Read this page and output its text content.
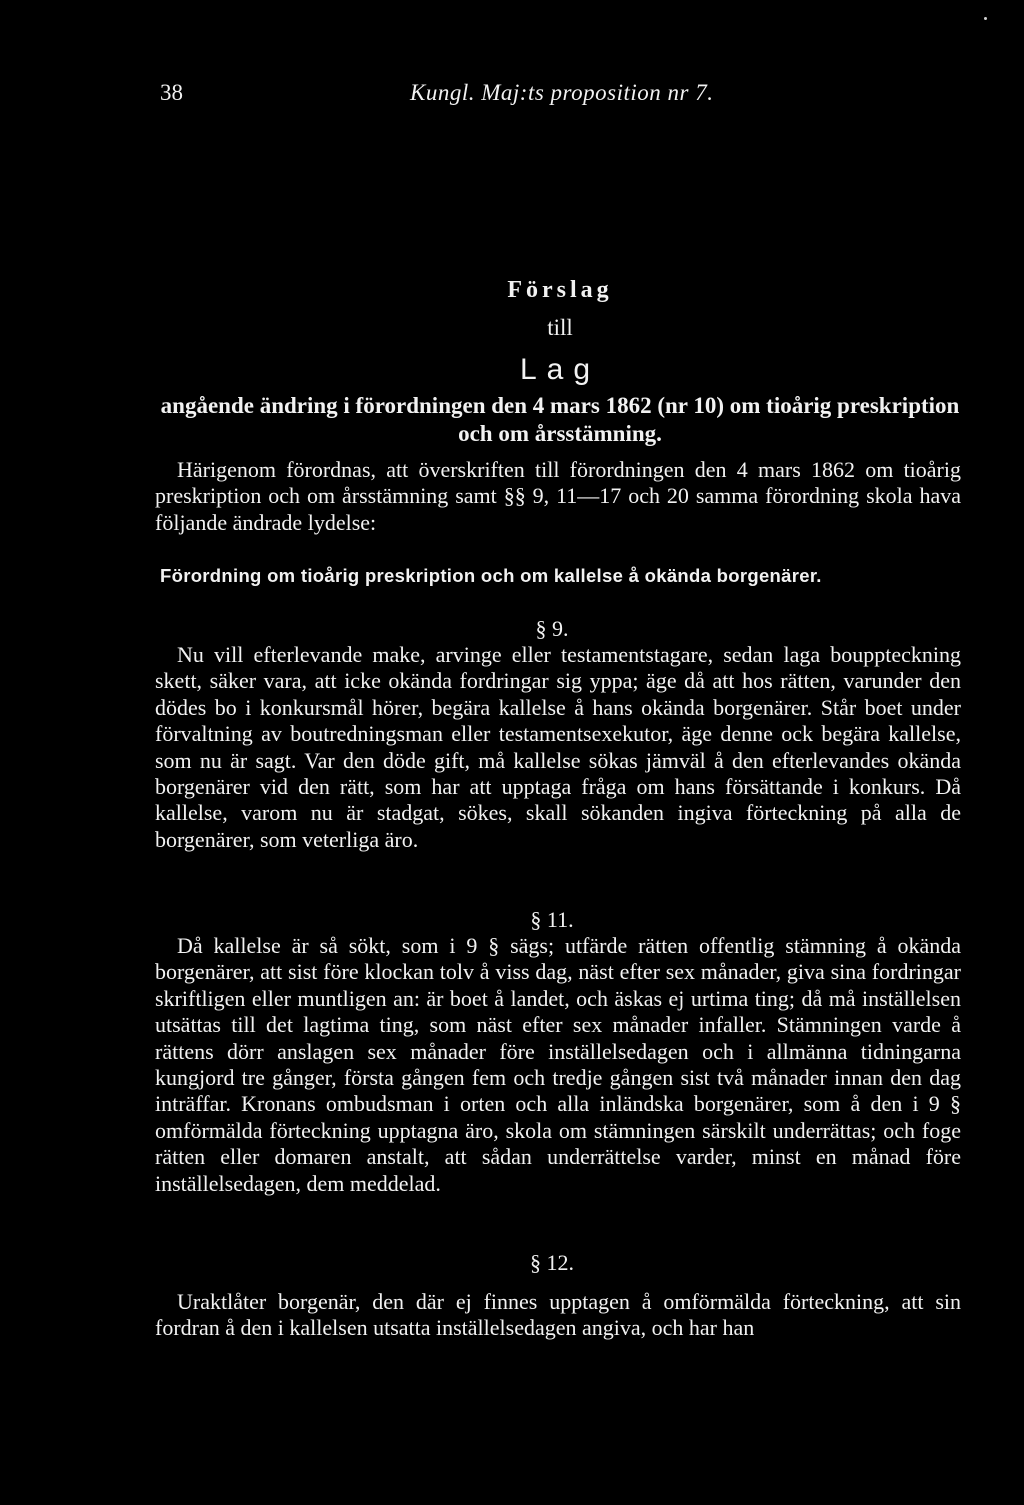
38	Kungl. Maj:ts proposition nr 7.

Förslag

till

Lag

angående ändring i förordningen den 4 mars 1862 (nr 10) om tioårig preskription och om årsstämning.

Härigenom förordnas, att överskriften till förordningen den 4 mars 1862 om tioårig preskription och om årsstämning samt §§ 9, 11—17 och 20 samma förordning skola hava följande ändrade lydelse:

Förordning om tioårig preskription och om kallelse å okända borgenärer.

§ 9.

Nu vill efterlevande make, arvinge eller testamentstagare, sedan laga bouppteckning skett, säker vara, att icke okända fordringar sig yppa; äge då att hos rätten, varunder den dödes bo i konkursmål hörer, begära kallelse å hans okända borgenärer. Står boet under förvaltning av boutredningsman eller testamentsexekutor, äge denne ock begära kallelse, som nu är sagt. Var den döde gift, må kallelse sökas jämväl å den efterlevandes okända borgenärer vid den rätt, som har att upptaga fråga om hans försättande i konkurs. Då kallelse, varom nu är stadgat, sökes, skall sökanden ingiva förteckning på alla de borgenärer, som veterliga äro.

§ 11.

Då kallelse är så sökt, som i 9 § sägs; utfärde rätten offentlig stämning å okända borgenärer, att sist före klockan tolv å viss dag, näst efter sex månader, giva sina fordringar skriftligen eller muntligen an: är boet å landet, och äskas ej urtima ting; då må inställelsen utsättas till det lagtima ting, som näst efter sex månader infaller. Stämningen varde å rättens dörr anslagen sex månader före inställelsedagen och i allmänna tidningarna kungjord tre gånger, första gången fem och tredje gången sist två månader innan den dag inträffar. Kronans ombudsman i orten och alla inländska borgenärer, som å den i 9 § omförmälda förteckning upptagna äro, skola om stämningen särskilt underrättas; och foge rätten eller domaren anstalt, att sådan underrättelse varder, minst en månad före inställelsedagen, dem meddelad.

§ 12.

Uraktlåter borgenär, den där ej finnes upptagen å omförmälda förteckning, att sin fordran å den i kallelsen utsatta inställelsedagen angiva, och har han
